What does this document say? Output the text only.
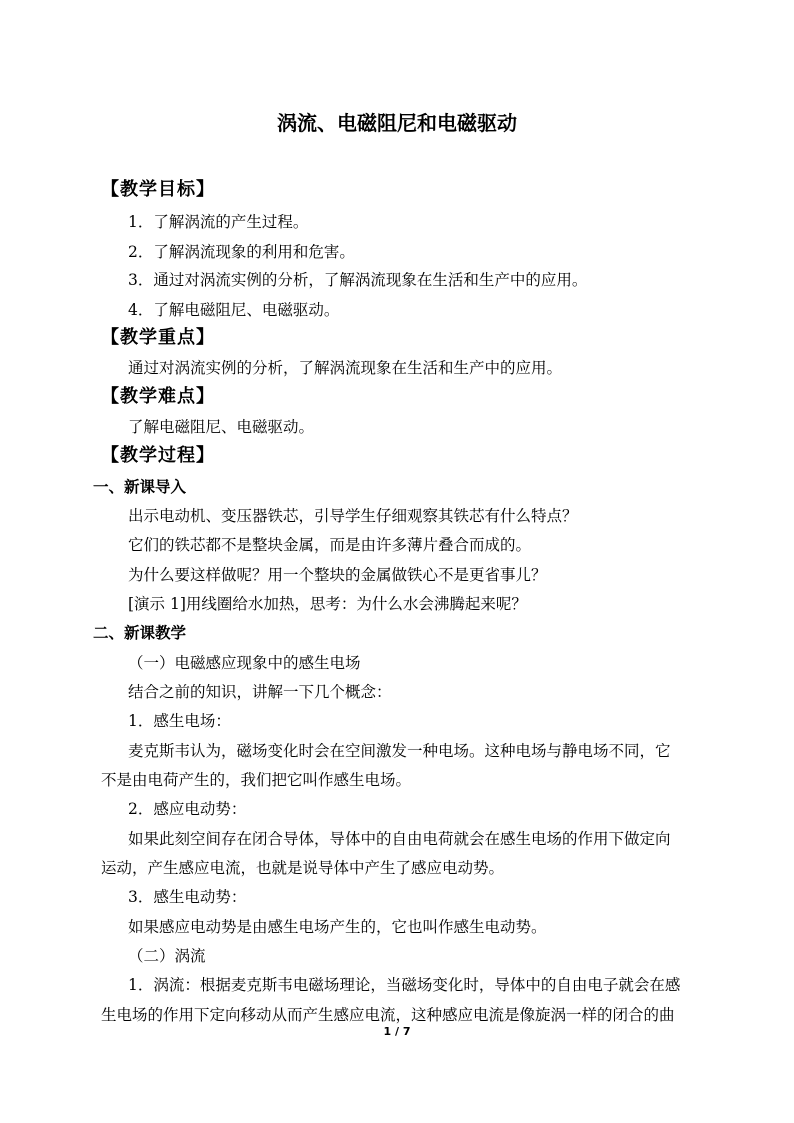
涡流、电磁阻尼和电磁驱动
【教学目标】
1．了解涡流的产生过程。
2．了解涡流现象的利用和危害。
3．通过对涡流实例的分析，了解涡流现象在生活和生产中的应用。
4．了解电磁阻尼、电磁驱动。
【教学重点】
通过对涡流实例的分析，了解涡流现象在生活和生产中的应用。
【教学难点】
了解电磁阻尼、电磁驱动。
【教学过程】
一、新课导入
出示电动机、变压器铁芯，引导学生仔细观察其铁芯有什么特点？
它们的铁芯都不是整块金属，而是由许多薄片叠合而成的。
为什么要这样做呢？用一个整块的金属做铁心不是更省事儿？
[演示 1]用线圈给水加热，思考：为什么水会沸腾起来呢？
二、新课教学
（一）电磁感应现象中的感生电场
结合之前的知识，讲解一下几个概念：
1．感生电场：
麦克斯韦认为，磁场变化时会在空间激发一种电场。这种电场与静电场不同，它
不是由电荷产生的，我们把它叫作感生电场。
2．感应电动势：
如果此刻空间存在闭合导体，导体中的自由电荷就会在感生电场的作用下做定向
运动，产生感应电流，也就是说导体中产生了感应电动势。
3．感生电动势：
如果感应电动势是由感生电场产生的，它也叫作感生电动势。
（二）涡流
1．涡流：根据麦克斯韦电磁场理论，当磁场变化时，导体中的自由电子就会在感
生电场的作用下定向移动从而产生感应电流，这种感应电流是像旋涡一样的闭合的曲
1 / 7
